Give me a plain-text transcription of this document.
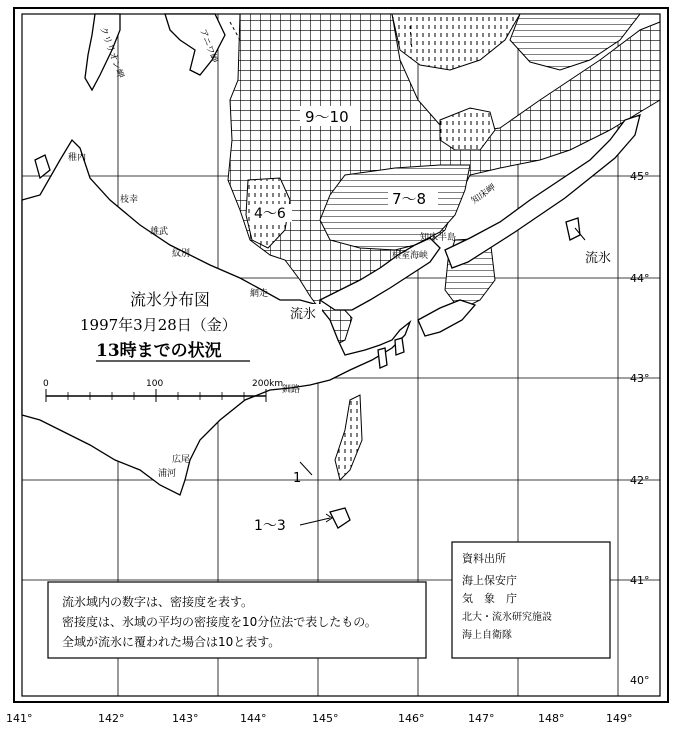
9〜10
7〜8
4〜6
1〜3
1
流氷
流氷
稚内
枝幸
雄武
紋別
網走
釧路
広尾
浦河
根室海峡
クリリオン岬	アニワ岬
知床岬
知床半島
流氷分布図
1997年3月28日（金）
13時までの状況
0	100	200km
流氷域内の数字は、密接度を表す。
密接度は、氷域の平均の密接度を10分位法で表したもの。
全域が流氷に覆われた場合は10と表す。
資料出所
海上保安庁
気　象　庁
北大・流氷研究施設
海上自衛隊
45°
44°
43°
42°
41°
40°
141°	142°	143°	144°	145°	146°	147°	148°	149°
